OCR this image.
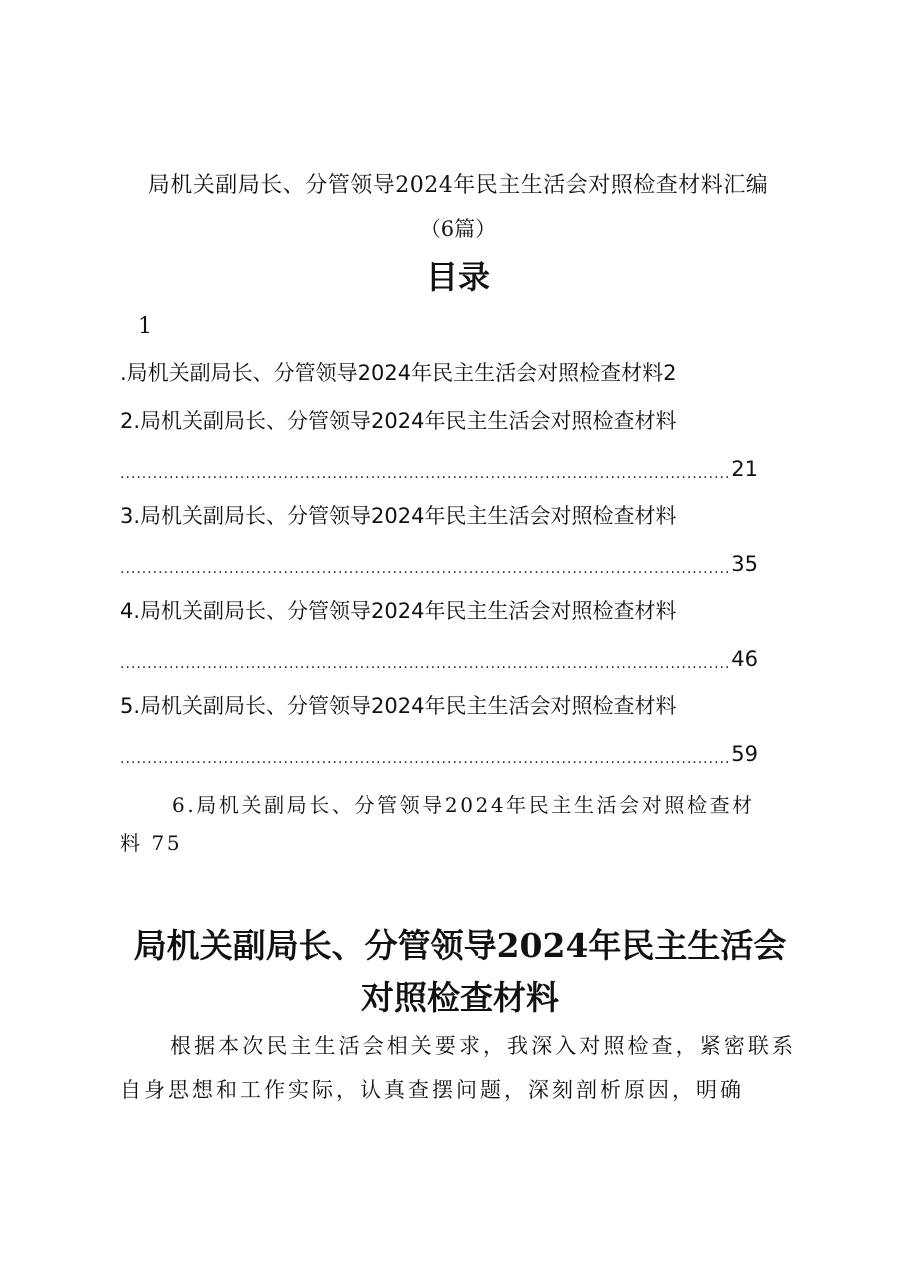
局机关副局长、分管领导2024年民主生活会对照检查材料汇编
（6篇）
目录
1
.局机关副局长、分管领导2024年民主生活会对照检查材料2
2.局机关副局长、分管领导2024年民主生活会对照检查材料
.....
21
3.局机关副局长、分管领导2024年民主生活会对照检查材料
.....
35
4.局机关副局长、分管领导2024年民主生活会对照检查材料
.....
46
5.局机关副局长、分管领导2024年民主生活会对照检查材料
.....
59
6.局机关副局长、分管领导2024年民主生活会对照检查材
料 75
局机关副局长、分管领导2024年民主生活会
对照检查材料
根据本次民主生活会相关要求，我深入对照检查，紧密联系自身思想和工作实际，认真查摆问题，深刻剖析原因，明确
